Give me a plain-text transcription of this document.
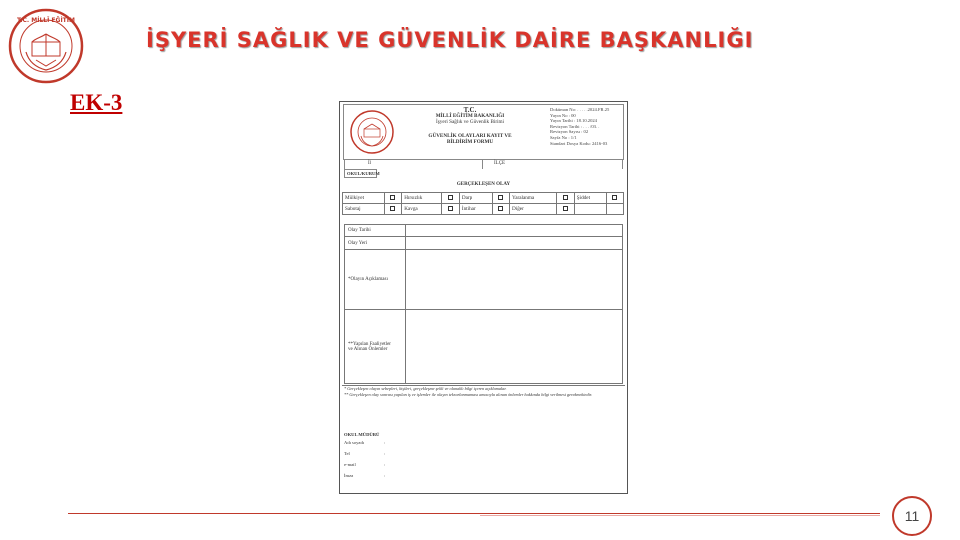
T.C. MİLLÎ EĞİTİM
İŞYERİ SAĞLIK VE GÜVENLİK DAİRE BAŞKANLIĞI
EK-3	T.C.
MİLLÎ EĞİTİM BAKANLIĞI
İşyeri Sağlık ve Güvenlik Birimi
GÜVENLİK OLAYLARI KAYIT VE
BİLDİRİM FORMU
Doküman No: . . . . .2024.FR.25
Yayın No : 00
Yayın Tarihi : 18.10.2024
Revizyon Tarihi : . . . /03. .
Revizyon Sayısı : 02
Sayfa No : 1/1
Standart Dosya Kodu: 2416-03
İl	İLÇE
OKUL/KURUM
GERÇEKLEŞEN OLAY
Mülkiyet		Hırsızlık		Darp		Yaralanma		Şiddet	
Sabotaj		Kavga		İntihar		Diğer			
Olay Tarihi	
Olay Yeri	
*Olayın Açıklaması	

**Yapılan Faaliyetler
ve Alınan Önlemler	

* Gerçekleşen olayın sebepleri, kişileri, gerçekleşme şekli ve olanaklı bilgi içeren açıklamalar.
** Gerçekleşen olay sonrası yapılan iş ve işlemler ile olayın tekrarlanmaması amacıyla alınan önlemler hakkında bilgi verilmesi gerekmektedir.
OKUL MÜDÜRÜ
Adı soyadı	:
Tel	:
e-mail	:
İmza	:
11
